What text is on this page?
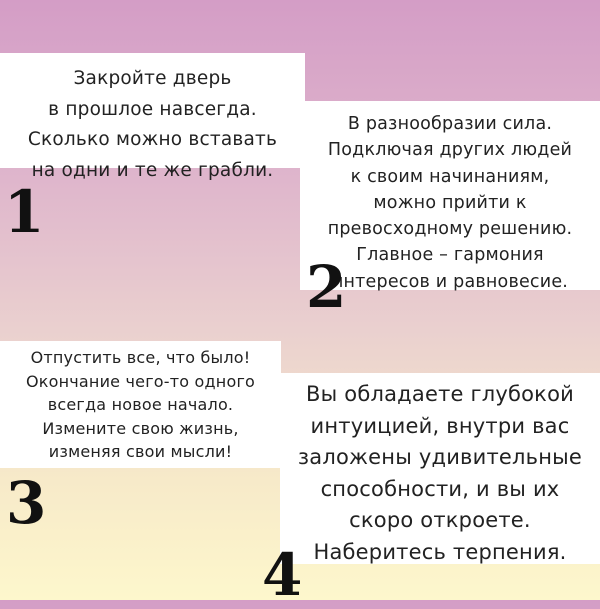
Закройте дверь
в прошлое навсегда.
Сколько можно вставать
на одни и те же грабли.
В разнообразии сила.
Подключая других людей
к своим начинаниям,
можно прийти к
превосходному решению.
Главное – гармония
интересов и равновесие.
Отпустить все, что было!
Окончание чего-то одного
всегда новое начало.
Измените свою жизнь,
изменяя свои мысли!
Вы обладаете глубокой
интуицией, внутри вас
заложены удивительные
способности, и вы их
скоро откроете.
Наберитесь терпения.
1
2
3
4
